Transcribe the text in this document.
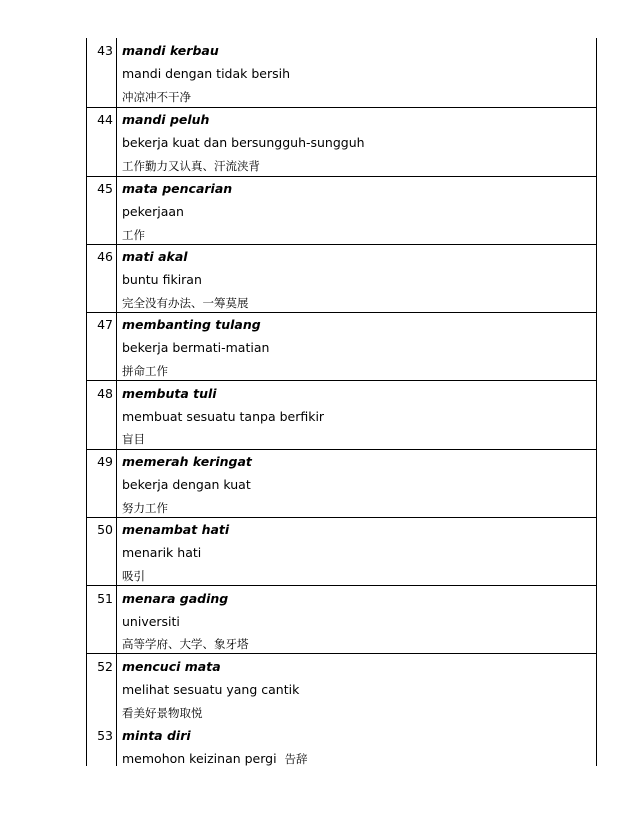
43 mandi kerbau
mandi dengan tidak bersih
冲凉冲不干净
44 mandi peluh
bekerja kuat dan bersungguh-sungguh
工作勤力又认真、汗流浃背
45 mata pencarian
pekerjaan
工作
46 mati akal
buntu fikiran
完全没有办法、一筹莫展
47 membanting tulang
bekerja bermati-matian
拼命工作
48 membuta tuli
membuat sesuatu tanpa berfikir
盲目
49 memerah keringat
bekerja dengan kuat
努力工作
50 menambat hati
menarik hati
吸引
51 menara gading
universiti
高等学府、大学、象牙塔
52 mencuci mata
melihat sesuatu yang cantik
看美好景物取悦
53 minta diri
memohon keizinan pergi 告辞
